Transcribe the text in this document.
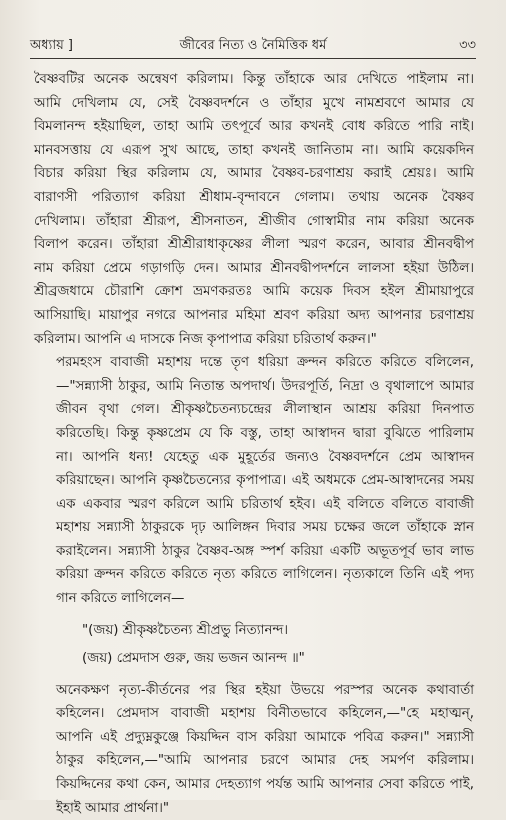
অধ্যায় ]	জীবের নিত্য ও নৈমিত্তিক ধর্ম	৩৩
বৈষ্ণবটির অনেক অন্বেষণ করিলাম। কিন্তু তাঁহাকে আর দেখিতে পাইলাম না।
আমি দেখিলাম যে, সেই বৈষ্ণবদর্শনে ও তাঁহার মুখে নামশ্রবণে আমার যে
বিমলানন্দ হইয়াছিল, তাহা আমি তৎপূর্বে আর কখনই বোধ করিতে পারি নাই।
মানবসত্তায় যে এরূপ সুখ আছে, তাহা কখনই জানিতাম না। আমি কয়েকদিন
বিচার করিয়া স্থির করিলাম যে, আমার বৈষ্ণব-চরণাশ্রয় করাই শ্রেয়ঃ। আমি
বারাণসী পরিত্যাগ করিয়া শ্রীধাম-বৃন্দাবনে গেলাম। তথায় অনেক বৈষ্ণব
দেখিলাম। তাঁহারা শ্রীরূপ, শ্রীসনাতন, শ্রীজীব গোস্বামীর নাম করিয়া অনেক
বিলাপ করেন। তাঁহারা শ্রীশ্রীরাধাকৃষ্ণের লীলা স্মরণ করেন, আবার শ্রীনবদ্বীপ
নাম করিয়া প্রেমে গড়াগড়ি দেন। আমার শ্রীনবদ্বীপদর্শনে লালসা হইয়া উঠিল।
শ্রীব্রজধামে চৌরাশি ক্রোশ ভ্রমণকরতঃ আমি কয়েক দিবস হইল শ্রীমায়াপুরে
আসিয়াছি। মায়াপুর নগরে আপনার মহিমা শ্রবণ করিয়া অদ্য আপনার চরণাশ্রয়
করিলাম। আপনি এ দাসকে নিজ কৃপাপাত্র করিয়া চরিতার্থ করুন।"
পরমহংস বাবাজী মহাশয় দন্তে তৃণ ধরিয়া ক্রন্দন করিতে করিতে বলিলেন,
—"সন্ন্যাসী ঠাকুর, আমি নিতান্ত অপদার্থ। উদরপূর্তি, নিদ্রা ও বৃথালাপে আমার
জীবন বৃথা গেল। শ্রীকৃষ্ণচৈতন্যচন্দ্রের লীলাস্থান আশ্রয় করিয়া দিনপাত
করিতেছি। কিন্তু কৃষ্ণপ্রেম যে কি বস্তু, তাহা আস্বাদন দ্বারা বুঝিতে পারিলাম
না। আপনি ধন্য! যেহেতু এক মুহূর্তের জন্যও বৈষ্ণবদর্শনে প্রেম আস্বাদন
করিয়াছেন। আপনি কৃষ্ণচৈতন্যের কৃপাপাত্র। এই অধমকে প্রেম-আস্বাদনের সময়
এক একবার স্মরণ করিলে আমি চরিতার্থ হইব। এই বলিতে বলিতে বাবাজী
মহাশয় সন্ন্যাসী ঠাকুরকে দৃঢ় আলিঙ্গন দিবার সময় চক্ষের জলে তাঁহাকে স্নান
করাইলেন। সন্ন্যাসী ঠাকুর বৈষ্ণব-অঙ্গ স্পর্শ করিয়া একটি অভূতপূর্ব ভাব লাভ
করিয়া ক্রন্দন করিতে করিতে নৃত্য করিতে লাগিলেন। নৃত্যকালে তিনি এই পদ্য
গান করিতে লাগিলেন—
"(জয়) শ্রীকৃষ্ণচৈতন্য শ্রীপ্রভু নিত্যানন্দ।
(জয়) প্রেমদাস গুরু, জয় ভজন আনন্দ ॥"
অনেকক্ষণ নৃত্য-কীর্তনের পর স্থির হইয়া উভয়ে পরস্পর অনেক কথাবার্তা
কহিলেন। প্রেমদাস বাবাজী মহাশয় বিনীতভাবে কহিলেন,—"হে মহাত্মন্,
আপনি এই প্রদ্যুম্নকুঞ্জে কিয়দ্দিন বাস করিয়া আমাকে পবিত্র করুন।" সন্ন্যাসী
ঠাকুর কহিলেন,—"আমি আপনার চরণে আমার দেহ সমর্পণ করিলাম।
কিয়দ্দিনের কথা কেন, আমার দেহত্যাগ পর্যন্ত আমি আপনার সেবা করিতে পাই,
ইহাই আমার প্রার্থনা।"
